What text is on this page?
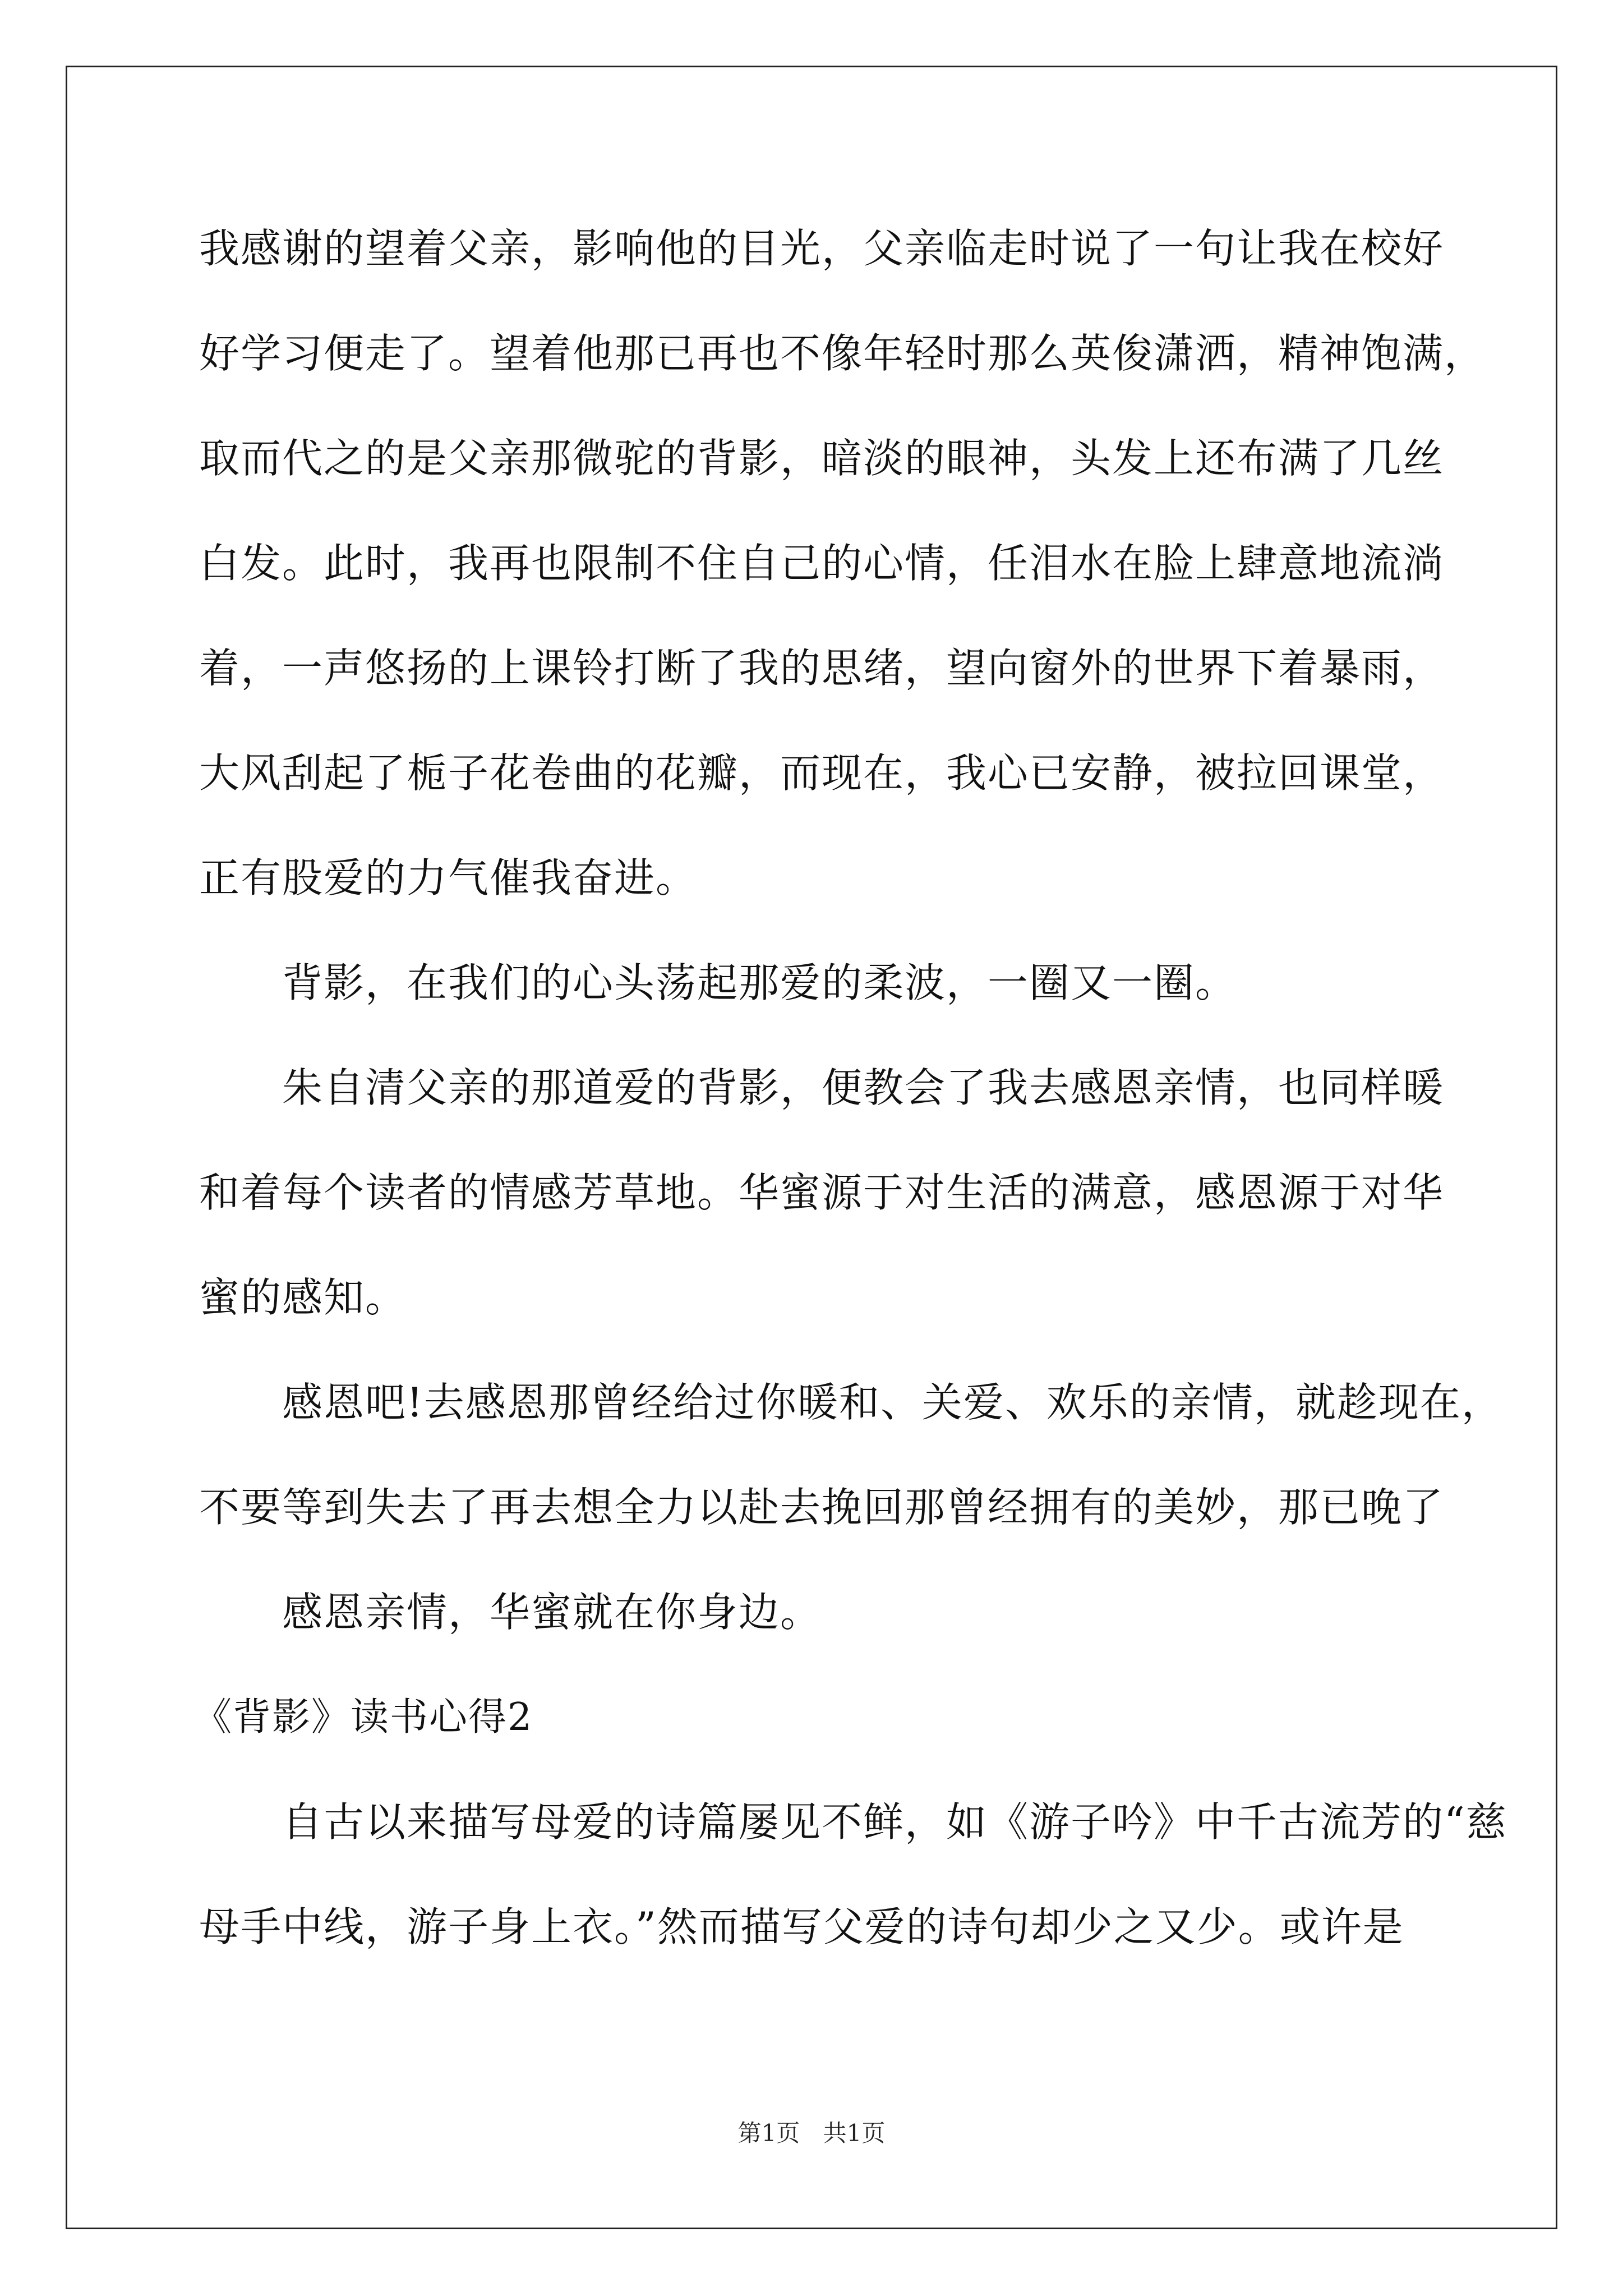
我感谢的望着父亲，影响他的目光，父亲临走时说了一句让我在校好
好学习便走了。望着他那已再也不像年轻时那么英俊潇洒，精神饱满，
取而代之的是父亲那微驼的背影，暗淡的眼神，头发上还布满了几丝
白发。此时，我再也限制不住自己的心情，任泪水在脸上肆意地流淌
着，一声悠扬的上课铃打断了我的思绪，望向窗外的世界下着暴雨，
大风刮起了栀子花卷曲的花瓣，而现在，我心已安静，被拉回课堂，
正有股爱的力气催我奋进。
背影，在我们的心头荡起那爱的柔波，一圈又一圈。
朱自清父亲的那道爱的背影，便教会了我去感恩亲情，也同样暖
和着每个读者的情感芳草地。华蜜源于对生活的满意，感恩源于对华
蜜的感知。
感恩吧!去感恩那曾经给过你暖和、关爱、欢乐的亲情，就趁现在，
不要等到失去了再去想全力以赴去挽回那曾经拥有的美妙，那已晚了
感恩亲情，华蜜就在你身边。
《背影》读书心得2
自古以来描写母爱的诗篇屡见不鲜，如《游子吟》中千古流芳的“慈
母手中线，游子身上衣。”然而描写父爱的诗句却少之又少。或许是
第1页 共1页
